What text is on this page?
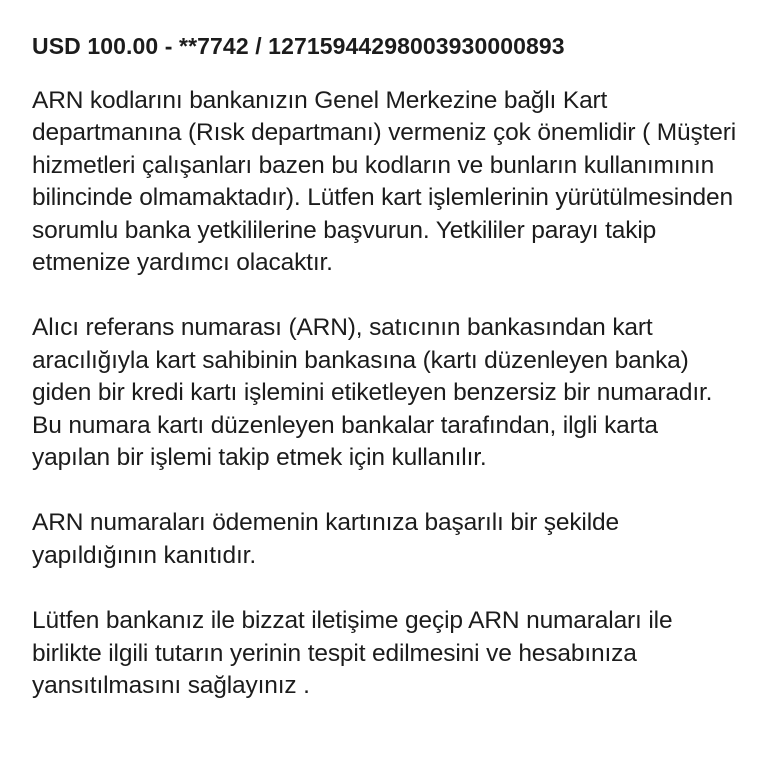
USD 100.00 - **7742 / 12715944298003930000893

ARN kodlarını bankanızın Genel Merkezine bağlı Kart departmanına (Rısk departmanı) vermeniz çok önemlidir ( Müşteri hizmetleri çalışanları bazen bu kodların ve bunların kullanımının bilincinde olmamaktadır). Lütfen kart işlemlerinin yürütülmesinden sorumlu banka yetkililerine başvurun. Yetkililer parayı takip etmenize yardımcı olacaktır.

Alıcı referans numarası (ARN), satıcının bankasından kart aracılığıyla kart sahibinin bankasına (kartı düzenleyen banka) giden bir kredi kartı işlemini etiketleyen benzersiz bir numaradır. Bu numara kartı düzenleyen bankalar tarafından, ilgli karta yapılan bir işlemi takip etmek için kullanılır.

ARN numaraları ödemenin kartınıza başarılı bir şekilde yapıldığının kanıtıdır.

Lütfen bankanız ile bizzat iletişime geçip ARN numaraları ile birlikte ilgili tutarın yerinin tespit edilmesini ve hesabınıza yansıtılmasını sağlayınız .
